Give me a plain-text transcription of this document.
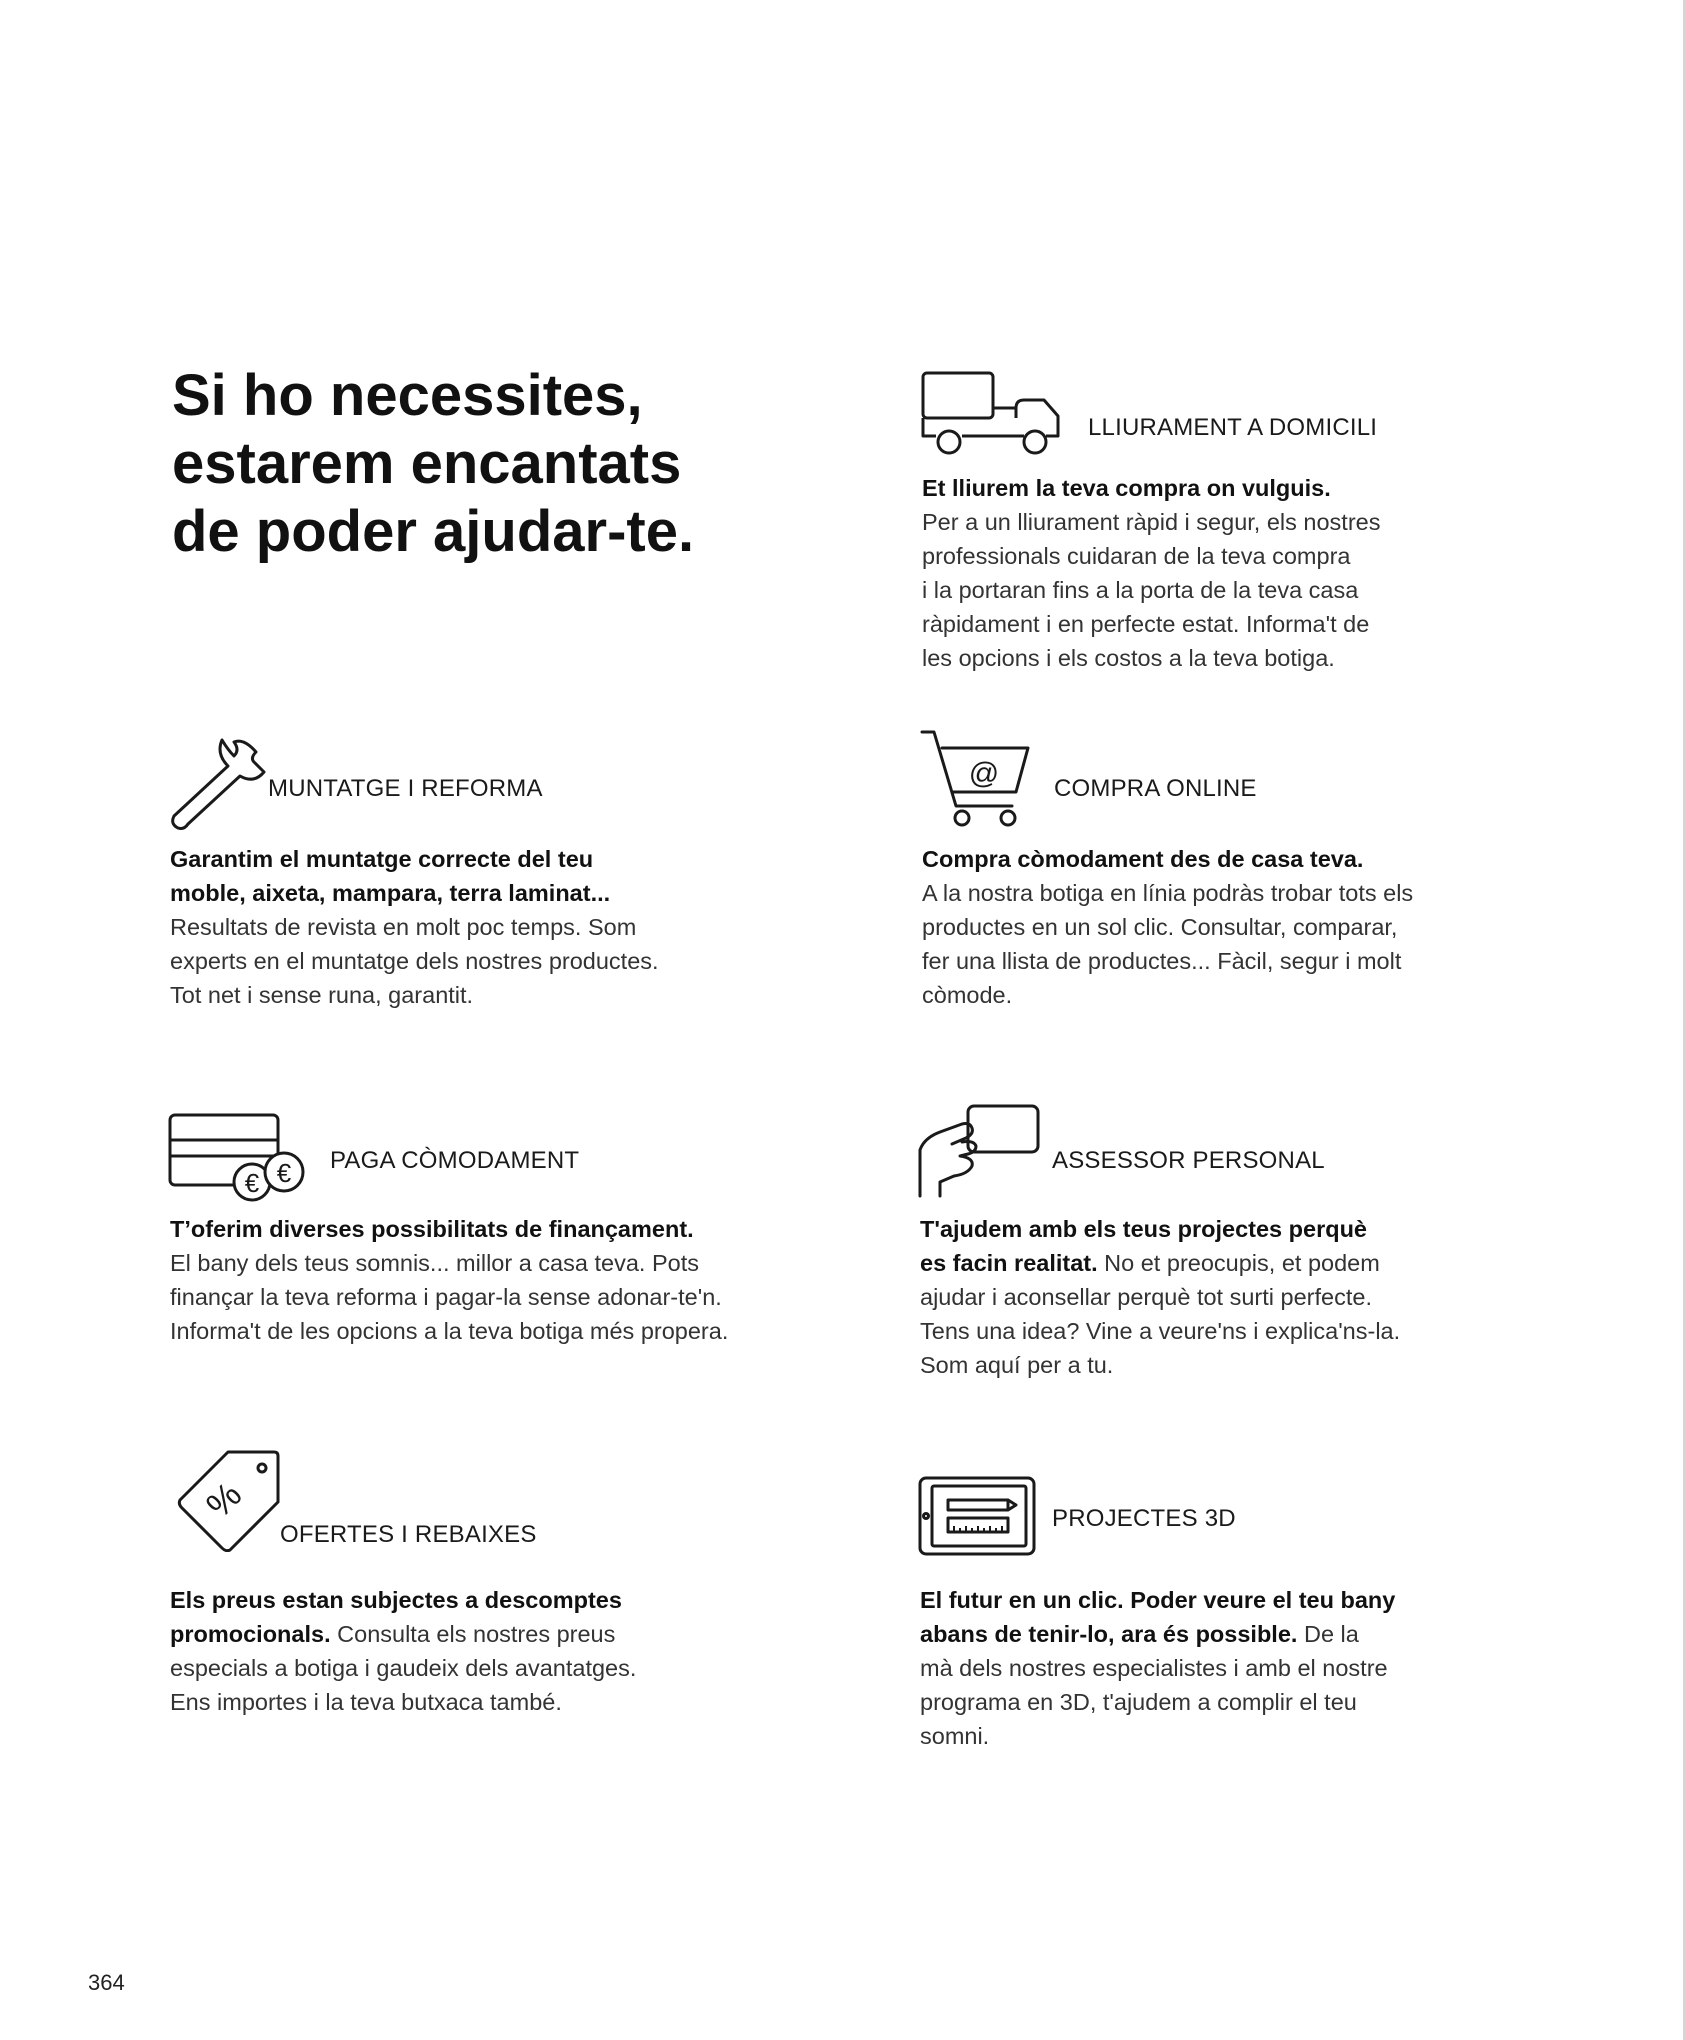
Si ho necessites,
estarem encantats
de poder ajudar-te.
LLIURAMENT A DOMICILI

Et lliurem la teva compra on vulguis.
Per a un lliurament ràpid i segur, els nostres
professionals cuidaran de la teva compra
i la portaran fins a la porta de la teva casa
ràpidament i en perfecte estat. Informa't de
les opcions i els costos a la teva botiga.

MUNTATGE I REFORMA

Garantim el muntatge correcte del teu
moble, aixeta, mampara, terra laminat...
Resultats de revista en molt poc temps. Som
experts en el muntatge dels nostres productes.
Tot net i sense runa, garantit.

@ COMPRA ONLINE

Compra còmodament des de casa teva.
A la nostra botiga en línia podràs trobar tots els
productes en un sol clic. Consultar, comparar,
fer una llista de productes... Fàcil, segur i molt
còmode.

€ € PAGA CÒMODAMENT

T’oferim diverses possibilitats de finançament.
El bany dels teus somnis... millor a casa teva. Pots
finançar la teva reforma i pagar-la sense adonar-te'n.
Informa't de les opcions a la teva botiga més propera.

ASSESSOR PERSONAL

T'ajudem amb els teus projectes perquè
es facin realitat. No et preocupis, et podem
ajudar i aconsellar perquè tot surti perfecte.
Tens una idea? Vine a veure'ns i explica'ns-la.
Som aquí per a tu.

%
OFERTES I REBAIXES

Els preus estan subjectes a descomptes
promocionals. Consulta els nostres preus
especials a botiga i gaudeix dels avantatges.
Ens importes i la teva butxaca també.

PROJECTES 3D

El futur en un clic. Poder veure el teu bany
abans de tenir-lo, ara és possible. De la
mà dels nostres especialistes i amb el nostre
programa en 3D, t'ajudem a complir el teu
somni.

364
